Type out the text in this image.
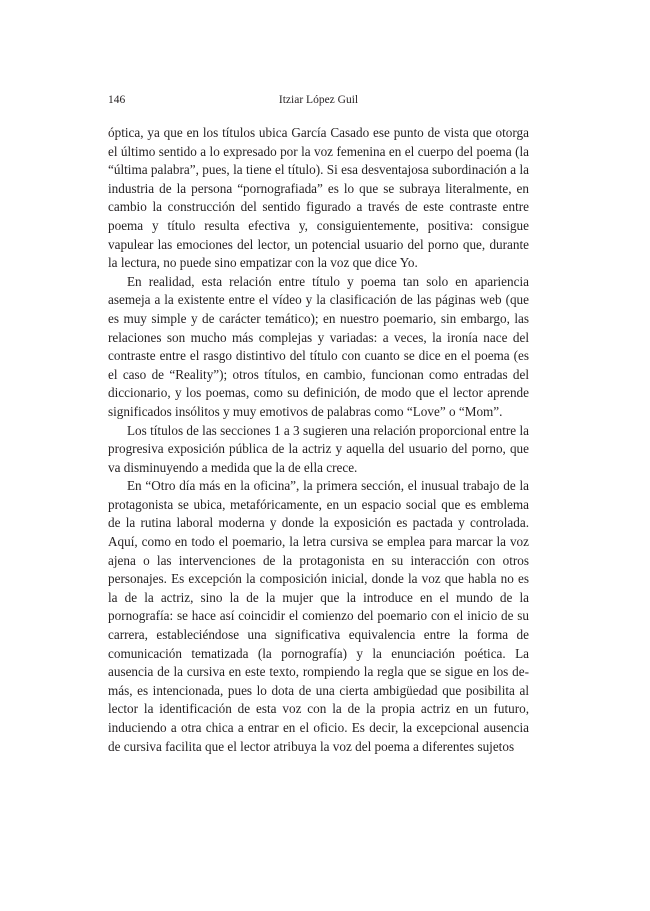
146	Itziar López Guil

óptica, ya que en los títulos ubica García Casado ese punto de vista que otorga el último sentido a lo expresado por la voz femenina en el cuerpo del poema (la “última palabra”, pues, la tiene el título). Si esa desventajosa subordinación a la industria de la persona “pornografiada” es lo que se subraya literalmente, en cambio la construcción del sentido figurado a través de este contraste entre poema y título resulta efectiva y, consiguientemente, positiva: consigue vapulear las emociones del lector, un potencial usuario del porno que, durante la lectura, no puede sino empatizar con la voz que dice Yo.

En realidad, esta relación entre título y poema tan solo en apariencia asemeja a la existente entre el vídeo y la clasificación de las páginas web (que es muy simple y de carácter temático); en nuestro poemario, sin embargo, las relaciones son mucho más complejas y variadas: a veces, la ironía nace del contraste entre el rasgo distintivo del título con cuanto se dice en el poema (es el caso de “Reality”); otros títulos, en cambio, funcionan como entradas del diccionario, y los poemas, como su definición, de modo que el lector aprende significados insólitos y muy emotivos de palabras como “Love” o “Mom”.

Los títulos de las secciones 1 a 3 sugieren una relación proporcional entre la progresiva exposición pública de la actriz y aquella del usuario del porno, que va disminuyendo a medida que la de ella crece.

En “Otro día más en la oficina”, la primera sección, el inusual trabajo de la protagonista se ubica, metafóricamente, en un espacio social que es emblema de la rutina laboral moderna y donde la exposición es pactada y controlada. Aquí, como en todo el poemario, la letra cursiva se emplea para marcar la voz ajena o las intervenciones de la protagonista en su interacción con otros personajes. Es excepción la composición inicial, donde la voz que habla no es la de la actriz, sino la de la mujer que la introduce en el mundo de la pornografía: se hace así coincidir el comienzo del poemario con el inicio de su carrera, estableciéndose una significativa equivalencia entre la forma de comunicación tematizada (la pornografía) y la enunciación poética. La ausencia de la cursiva en este texto, rompiendo la regla que se sigue en los demás, es intencionada, pues lo dota de una cierta ambigüedad que posibilita al lector la identificación de esta voz con la de la propia actriz en un futuro, induciendo a otra chica a entrar en el oficio. Es decir, la excepcional ausencia de cursiva facilita que el lector atribuya la voz del poema a diferentes sujetos
